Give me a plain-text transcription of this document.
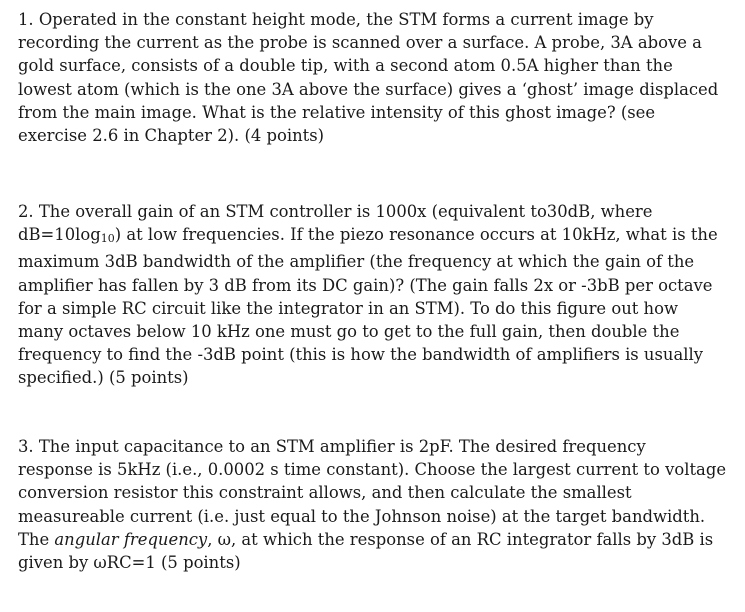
1. Operated in the constant height mode, the STM forms a current image by
recording the current as the probe is scanned over a surface. A probe, 3A above a
gold surface, consists of a double tip, with a second atom 0.5A higher than the
lowest atom (which is the one 3A above the surface) gives a ‘ghost’ image displaced
from the main image. What is the relative intensity of this ghost image? (see
exercise 2.6 in Chapter 2). (4 points)

2. The overall gain of an STM controller is 1000x (equivalent to30dB, where
dB=10log10) at low frequencies. If the piezo resonance occurs at 10kHz, what is the
maximum 3dB bandwidth of the amplifier (the frequency at which the gain of the
amplifier has fallen by 3 dB from its DC gain)? (The gain falls 2x or -3bB per octave
for a simple RC circuit like the integrator in an STM). To do this figure out how
many octaves below 10 kHz one must go to get to the full gain, then double the
frequency to find the -3dB point (this is how the bandwidth of amplifiers is usually
specified.) (5 points)

3. The input capacitance to an STM amplifier is 2pF. The desired frequency
response is 5kHz (i.e., 0.0002 s time constant). Choose the largest current to voltage
conversion resistor this constraint allows, and then calculate the smallest
measureable current (i.e. just equal to the Johnson noise) at the target bandwidth.
The angular frequency, ω, at which the response of an RC integrator falls by 3dB is
given by ωRC=1 (5 points)
